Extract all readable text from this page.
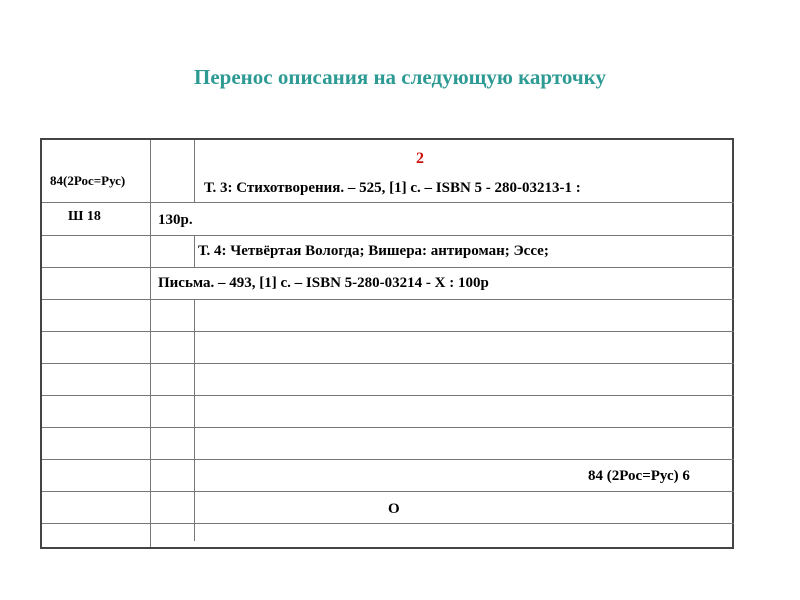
Перенос описания на следующую карточку
84(2Рос=Рус)
Ш 18
2
Т. 3: Стихотворения. – 525, [1] с. – ISBN 5 - 280-03213-1 :
130р.
Т. 4: Четвёртая Вологда; Вишера: антироман; Эссе;
Письма. – 493, [1] с. – ISBN 5-280-03214 - X : 100р
84 (2Рос=Рус) 6
О
